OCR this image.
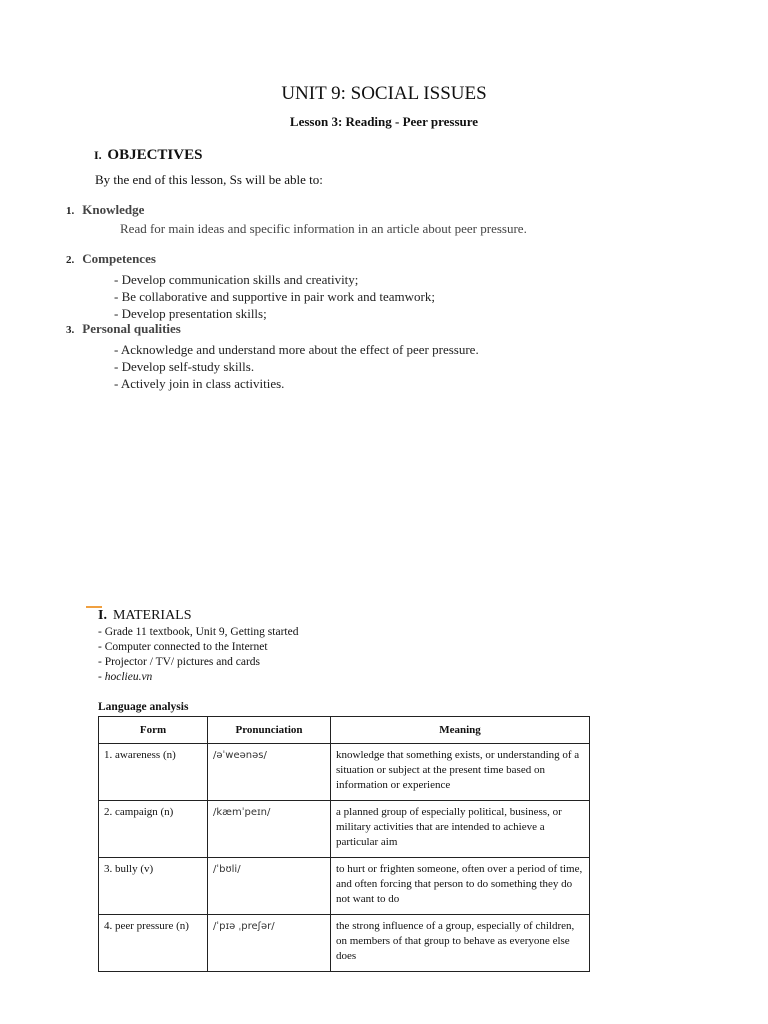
UNIT 9: SOCIAL ISSUES
Lesson 3: Reading - Peer pressure
I. OBJECTIVES
By the end of this lesson, Ss will be able to:
1. Knowledge
Read for main ideas and specific information in an article about peer pressure.
2. Competences
- Develop communication skills and creativity;
- Be collaborative and supportive in pair work and teamwork;
- Develop presentation skills;
3. Personal qualities
- Acknowledge and understand more about the effect of peer pressure.
- Develop self-study skills.
- Actively join in class activities.
I. MATERIALS
- Grade 11 textbook, Unit 9, Getting started
- Computer connected to the Internet
- Projector / TV/ pictures and cards
- hoclieu.vn
Language analysis
Form	Pronunciation	Meaning
1. awareness (n)	/əˈweənəs/	knowledge that something exists, or understanding of a situation or subject at the present time based on information or experience
2. campaign (n)	/kæmˈpeɪn/	a planned group of especially political, business, or military activities that are intended to achieve a particular aim
3. bully (v)	/ˈbʊli/	to hurt or frighten someone, often over a period of time, and often forcing that person to do something they do not want to do
4. peer pressure (n)	/ˈpɪə ˌpreʃər/	the strong influence of a group, especially of children, on members of that group to behave as everyone else does
